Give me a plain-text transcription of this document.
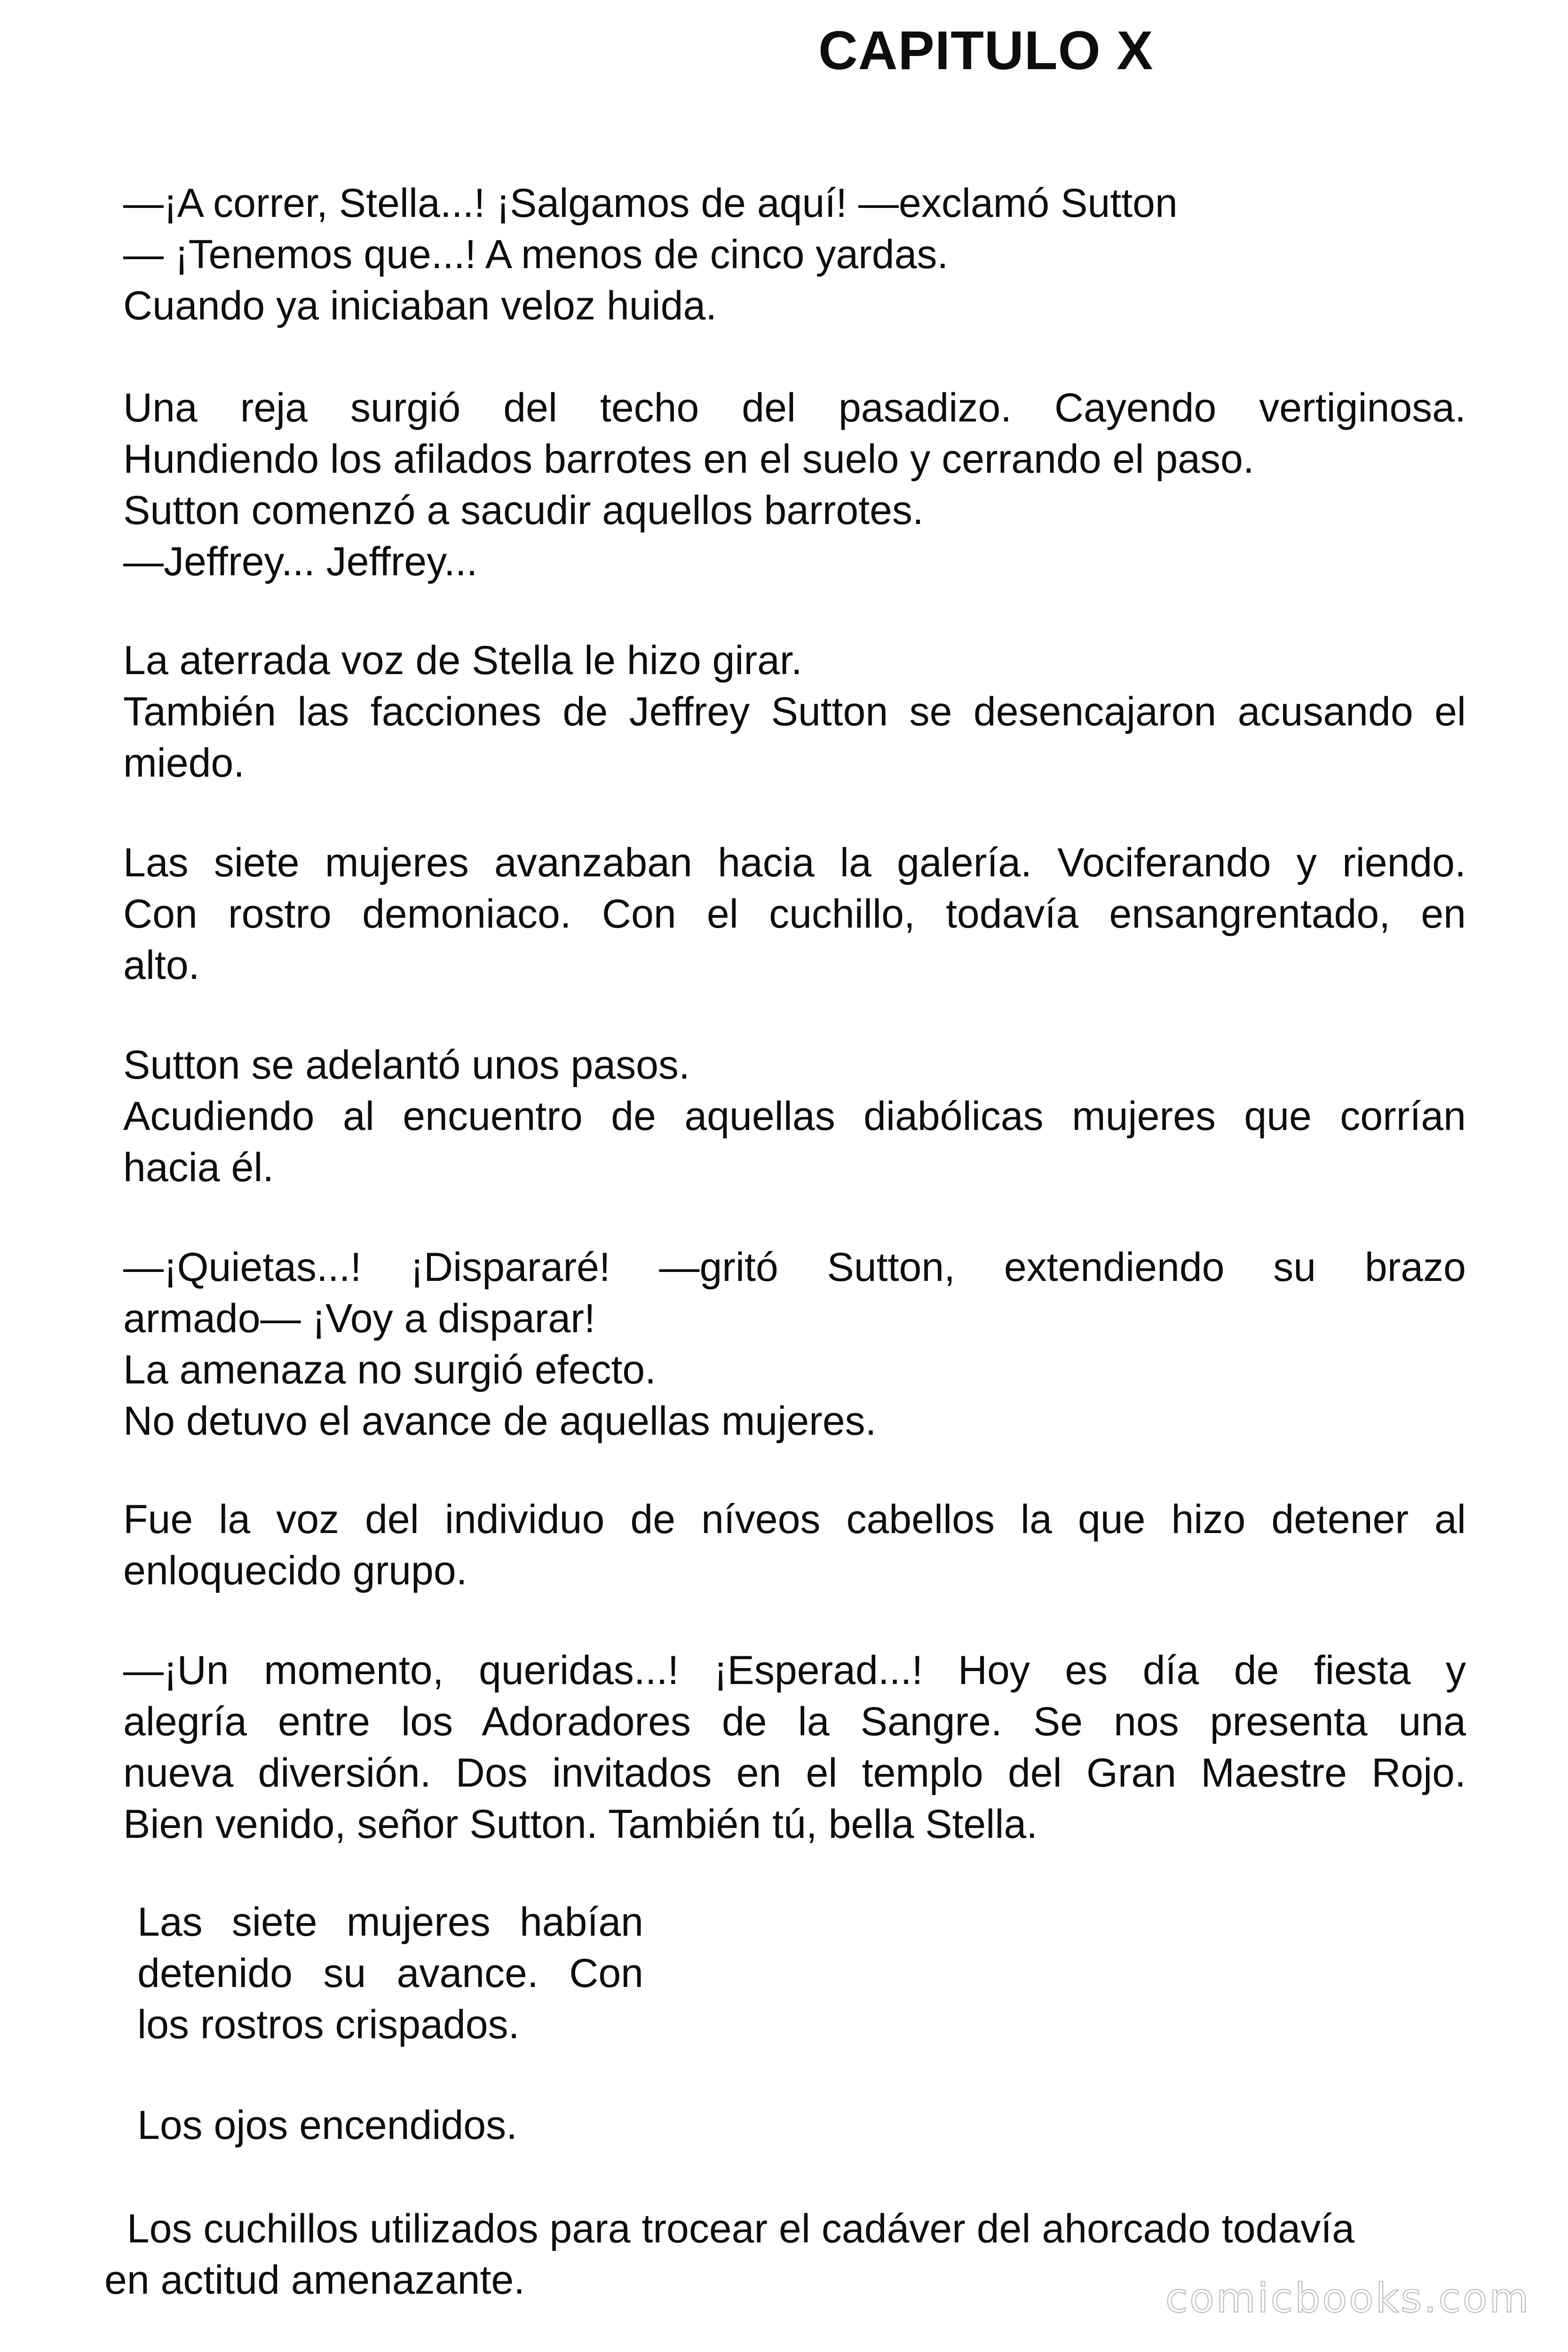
CAPITULO X
—¡A correr, Stella...! ¡Salgamos de aquí! —exclamó Sutton
— ¡Tenemos que...! A menos de cinco yardas.
Cuando ya iniciaban veloz huida.
Una reja surgió del techo del pasadizo. Cayendo vertiginosa.
Hundiendo los afilados barrotes en el suelo y cerrando el paso.
Sutton comenzó a sacudir aquellos barrotes.
—Jeffrey... Jeffrey...
La aterrada voz de Stella le hizo girar.
También las facciones de Jeffrey Sutton se desencajaron acusando el
miedo.
Las siete mujeres avanzaban hacia la galería. Vociferando y riendo.
Con rostro demoniaco. Con el cuchillo, todavía ensangrentado, en
alto.
Sutton se adelantó unos pasos.
Acudiendo al encuentro de aquellas diabólicas mujeres que corrían
hacia él.
—¡Quietas...! ¡Dispararé! —gritó Sutton, extendiendo su brazo
armado— ¡Voy a disparar!
La amenaza no surgió efecto.
No detuvo el avance de aquellas mujeres.
Fue la voz del individuo de níveos cabellos la que hizo detener al
enloquecido grupo.
—¡Un momento, queridas...! ¡Esperad...! Hoy es día de fiesta y
alegría entre los Adoradores de la Sangre. Se nos presenta una
nueva diversión. Dos invitados en el templo del Gran Maestre Rojo.
Bien venido, señor Sutton. También tú, bella Stella.
Las siete mujeres habían
detenido su avance. Con
los rostros crispados.
Los ojos encendidos.
Los cuchillos utilizados para trocear el cadáver del ahorcado todavía
en actitud amenazante.	comicbooks.com
